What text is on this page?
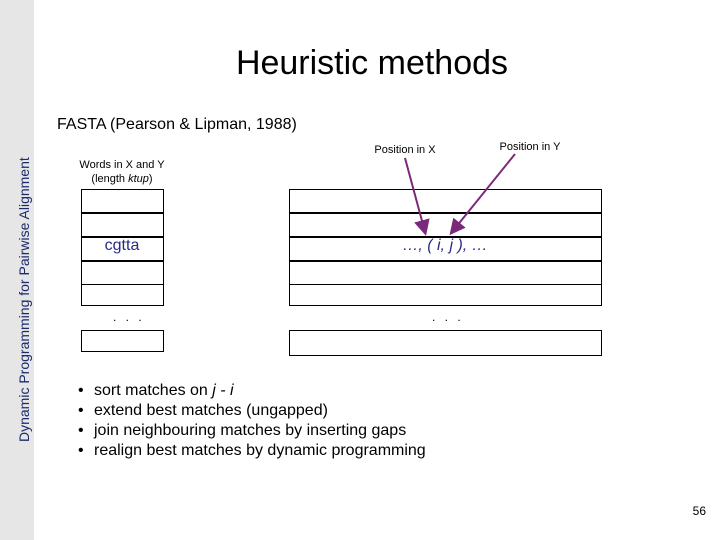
Dynamic Programming for Pairwise Alignment
Heuristic methods
FASTA (Pearson & Lipman, 1988)
Words in X and Y
(length ktup)
Position in X	Position in Y
cgtta	…, ( i, j ), …
. . .	. . .
• sort matches on j - i
• extend best matches (ungapped)
• join neighbouring matches by inserting gaps
• realign best matches by dynamic programming
56
